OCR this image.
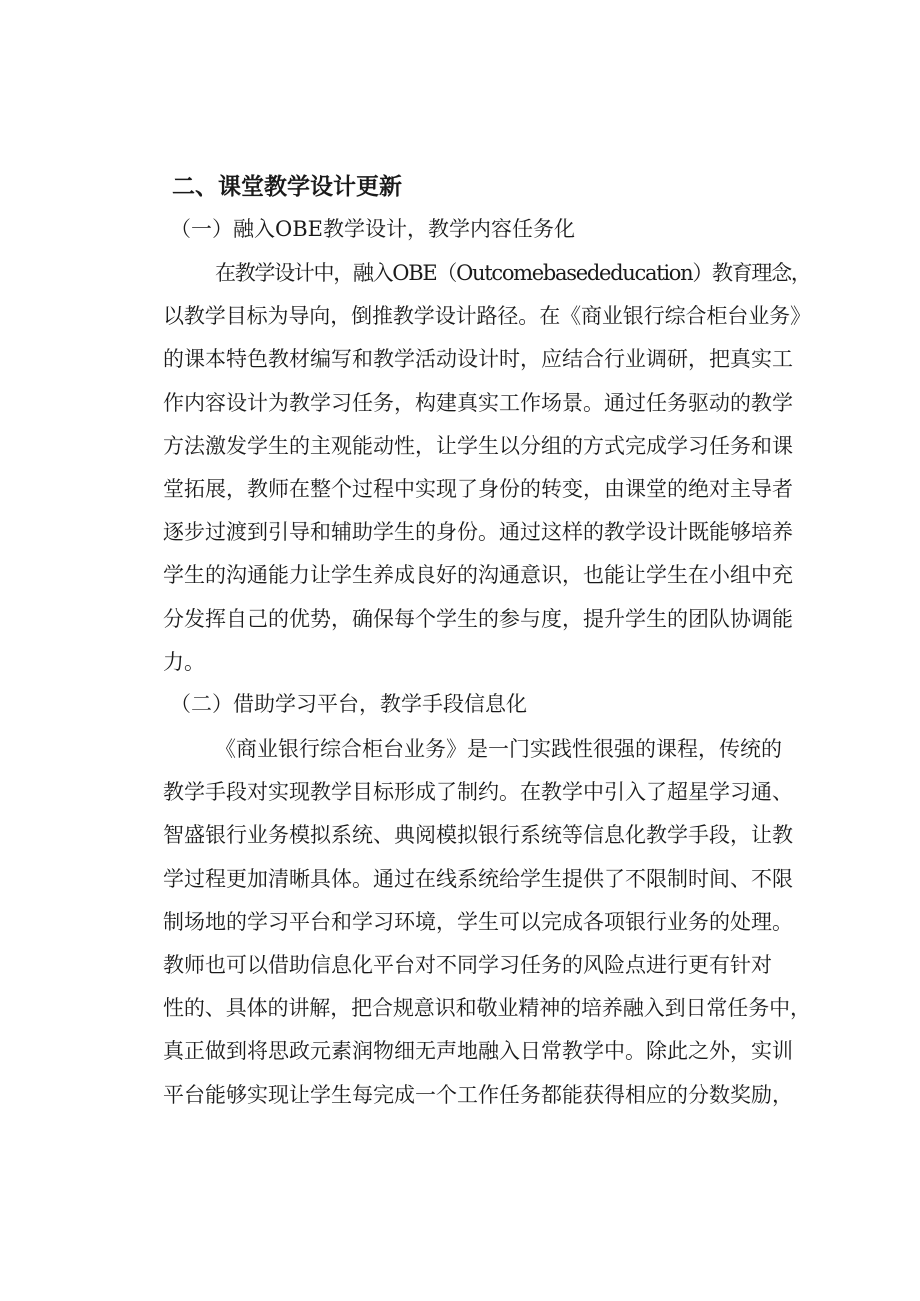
二、课堂教学设计更新
（一）融入OBE教学设计，教学内容任务化
在教学设计中，融入OBE（Outcomebasededucation）教育理念，
以教学目标为导向，倒推教学设计路径。在《商业银行综合柜台业务》
的课本特色教材编写和教学活动设计时，应结合行业调研，把真实工
作内容设计为教学习任务，构建真实工作场景。通过任务驱动的教学
方法激发学生的主观能动性，让学生以分组的方式完成学习任务和课
堂拓展，教师在整个过程中实现了身份的转变，由课堂的绝对主导者
逐步过渡到引导和辅助学生的身份。通过这样的教学设计既能够培养
学生的沟通能力让学生养成良好的沟通意识，也能让学生在小组中充
分发挥自己的优势，确保每个学生的参与度，提升学生的团队协调能
力。
（二）借助学习平台，教学手段信息化
《商业银行综合柜台业务》是一门实践性很强的课程，传统的
教学手段对实现教学目标形成了制约。在教学中引入了超星学习通、
智盛银行业务模拟系统、典阅模拟银行系统等信息化教学手段，让教
学过程更加清晰具体。通过在线系统给学生提供了不限制时间、不限
制场地的学习平台和学习环境，学生可以完成各项银行业务的处理。
教师也可以借助信息化平台对不同学习任务的风险点进行更有针对
性的、具体的讲解，把合规意识和敬业精神的培养融入到日常任务中，
真正做到将思政元素润物细无声地融入日常教学中。除此之外，实训
平台能够实现让学生每完成一个工作任务都能获得相应的分数奖励，
